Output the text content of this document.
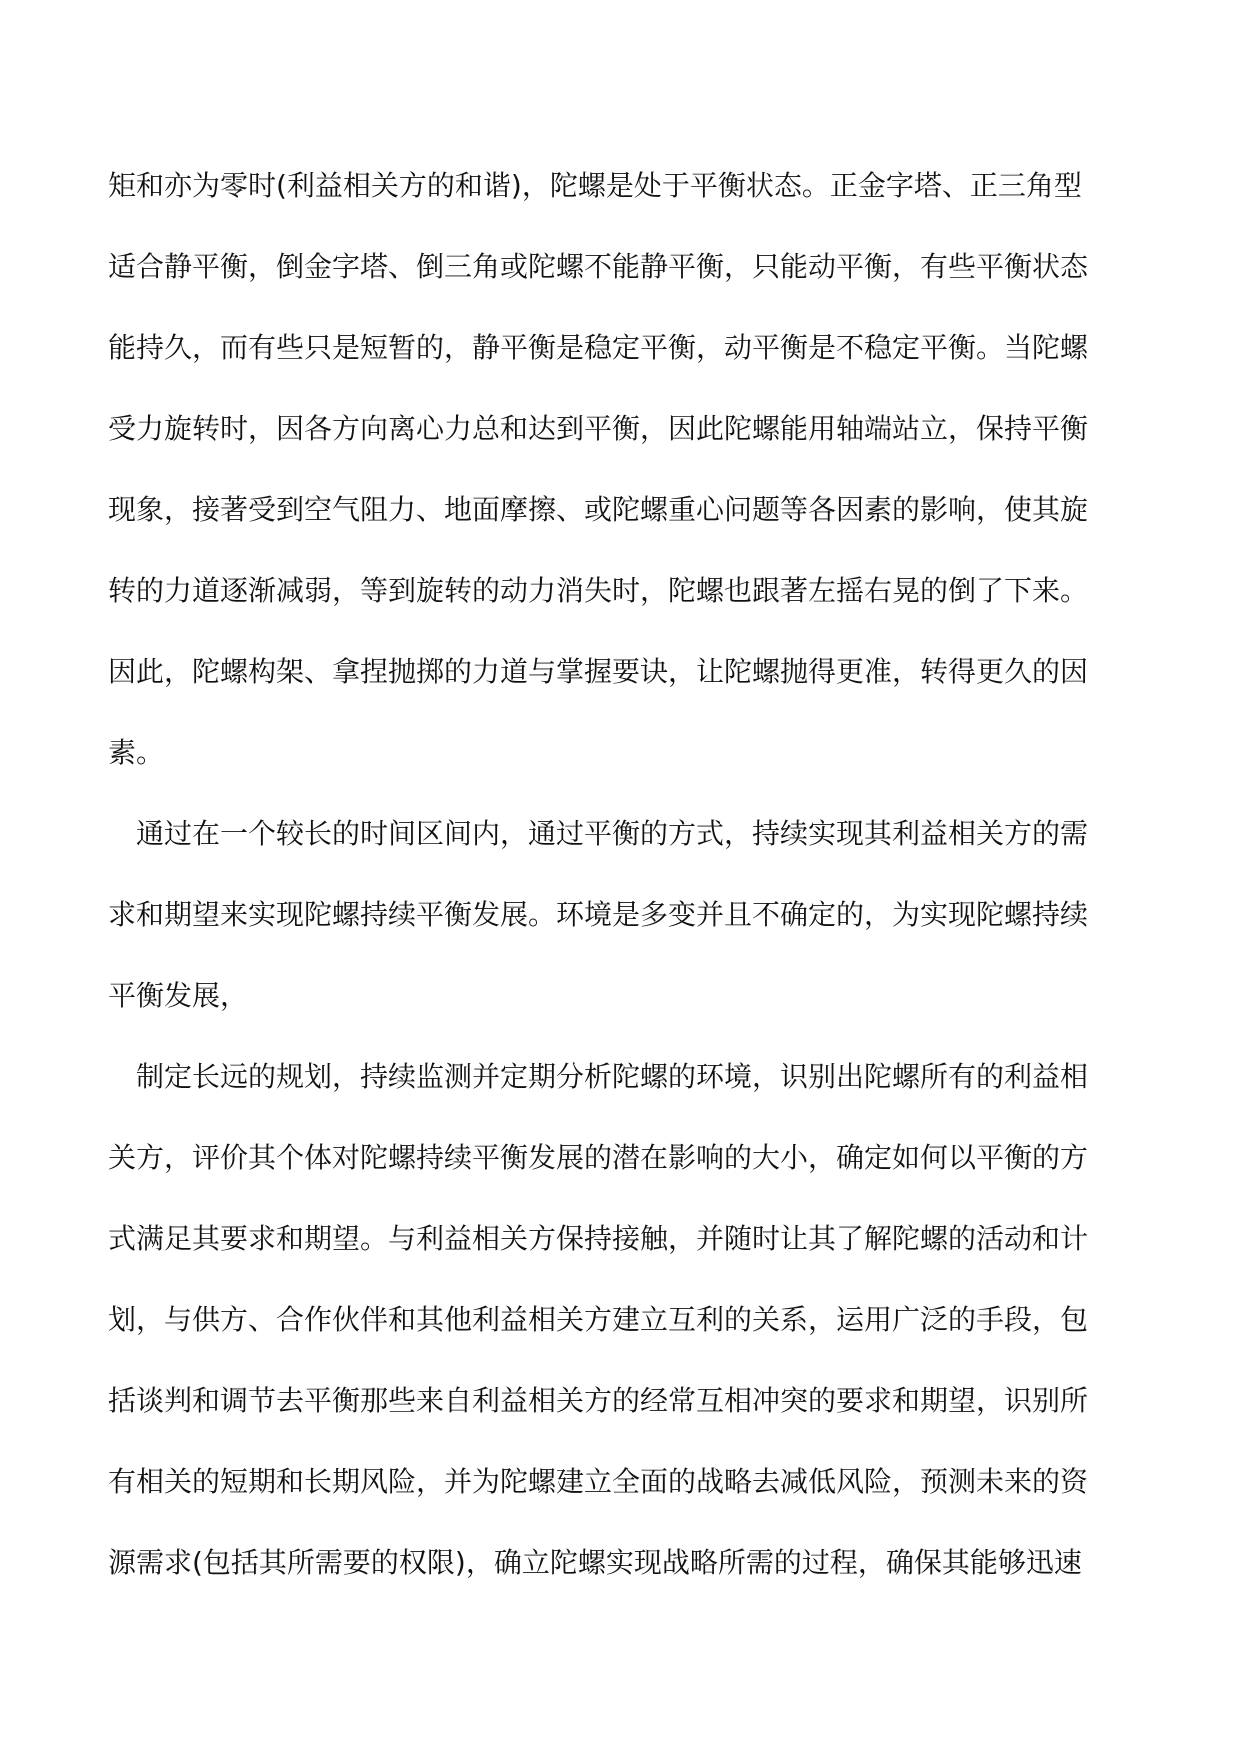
矩和亦为零时(利益相关方的和谐)，陀螺是处于平衡状态。正金字塔、正三角型
适合静平衡，倒金字塔、倒三角或陀螺不能静平衡，只能动平衡，有些平衡状态
能持久，而有些只是短暂的，静平衡是稳定平衡，动平衡是不稳定平衡。当陀螺
受力旋转时，因各方向离心力总和达到平衡，因此陀螺能用轴端站立，保持平衡
现象，接著受到空气阻力、地面摩擦、或陀螺重心问题等各因素的影响，使其旋
转的力道逐渐减弱，等到旋转的动力消失时，陀螺也跟著左摇右晃的倒了下来。
因此，陀螺构架、拿捏抛掷的力道与掌握要诀，让陀螺抛得更准，转得更久的因
素。
通过在一个较长的时间区间内，通过平衡的方式，持续实现其利益相关方的需
求和期望来实现陀螺持续平衡发展。环境是多变并且不确定的，为实现陀螺持续
平衡发展，
制定长远的规划，持续监测并定期分析陀螺的环境，识别出陀螺所有的利益相
关方，评价其个体对陀螺持续平衡发展的潜在影响的大小，确定如何以平衡的方
式满足其要求和期望。与利益相关方保持接触，并随时让其了解陀螺的活动和计
划，与供方、合作伙伴和其他利益相关方建立互利的关系，运用广泛的手段，包
括谈判和调节去平衡那些来自利益相关方的经常互相冲突的要求和期望，识别所
有相关的短期和长期风险，并为陀螺建立全面的战略去减低风险，预测未来的资
源需求(包括其所需要的权限)，确立陀螺实现战略所需的过程，确保其能够迅速
